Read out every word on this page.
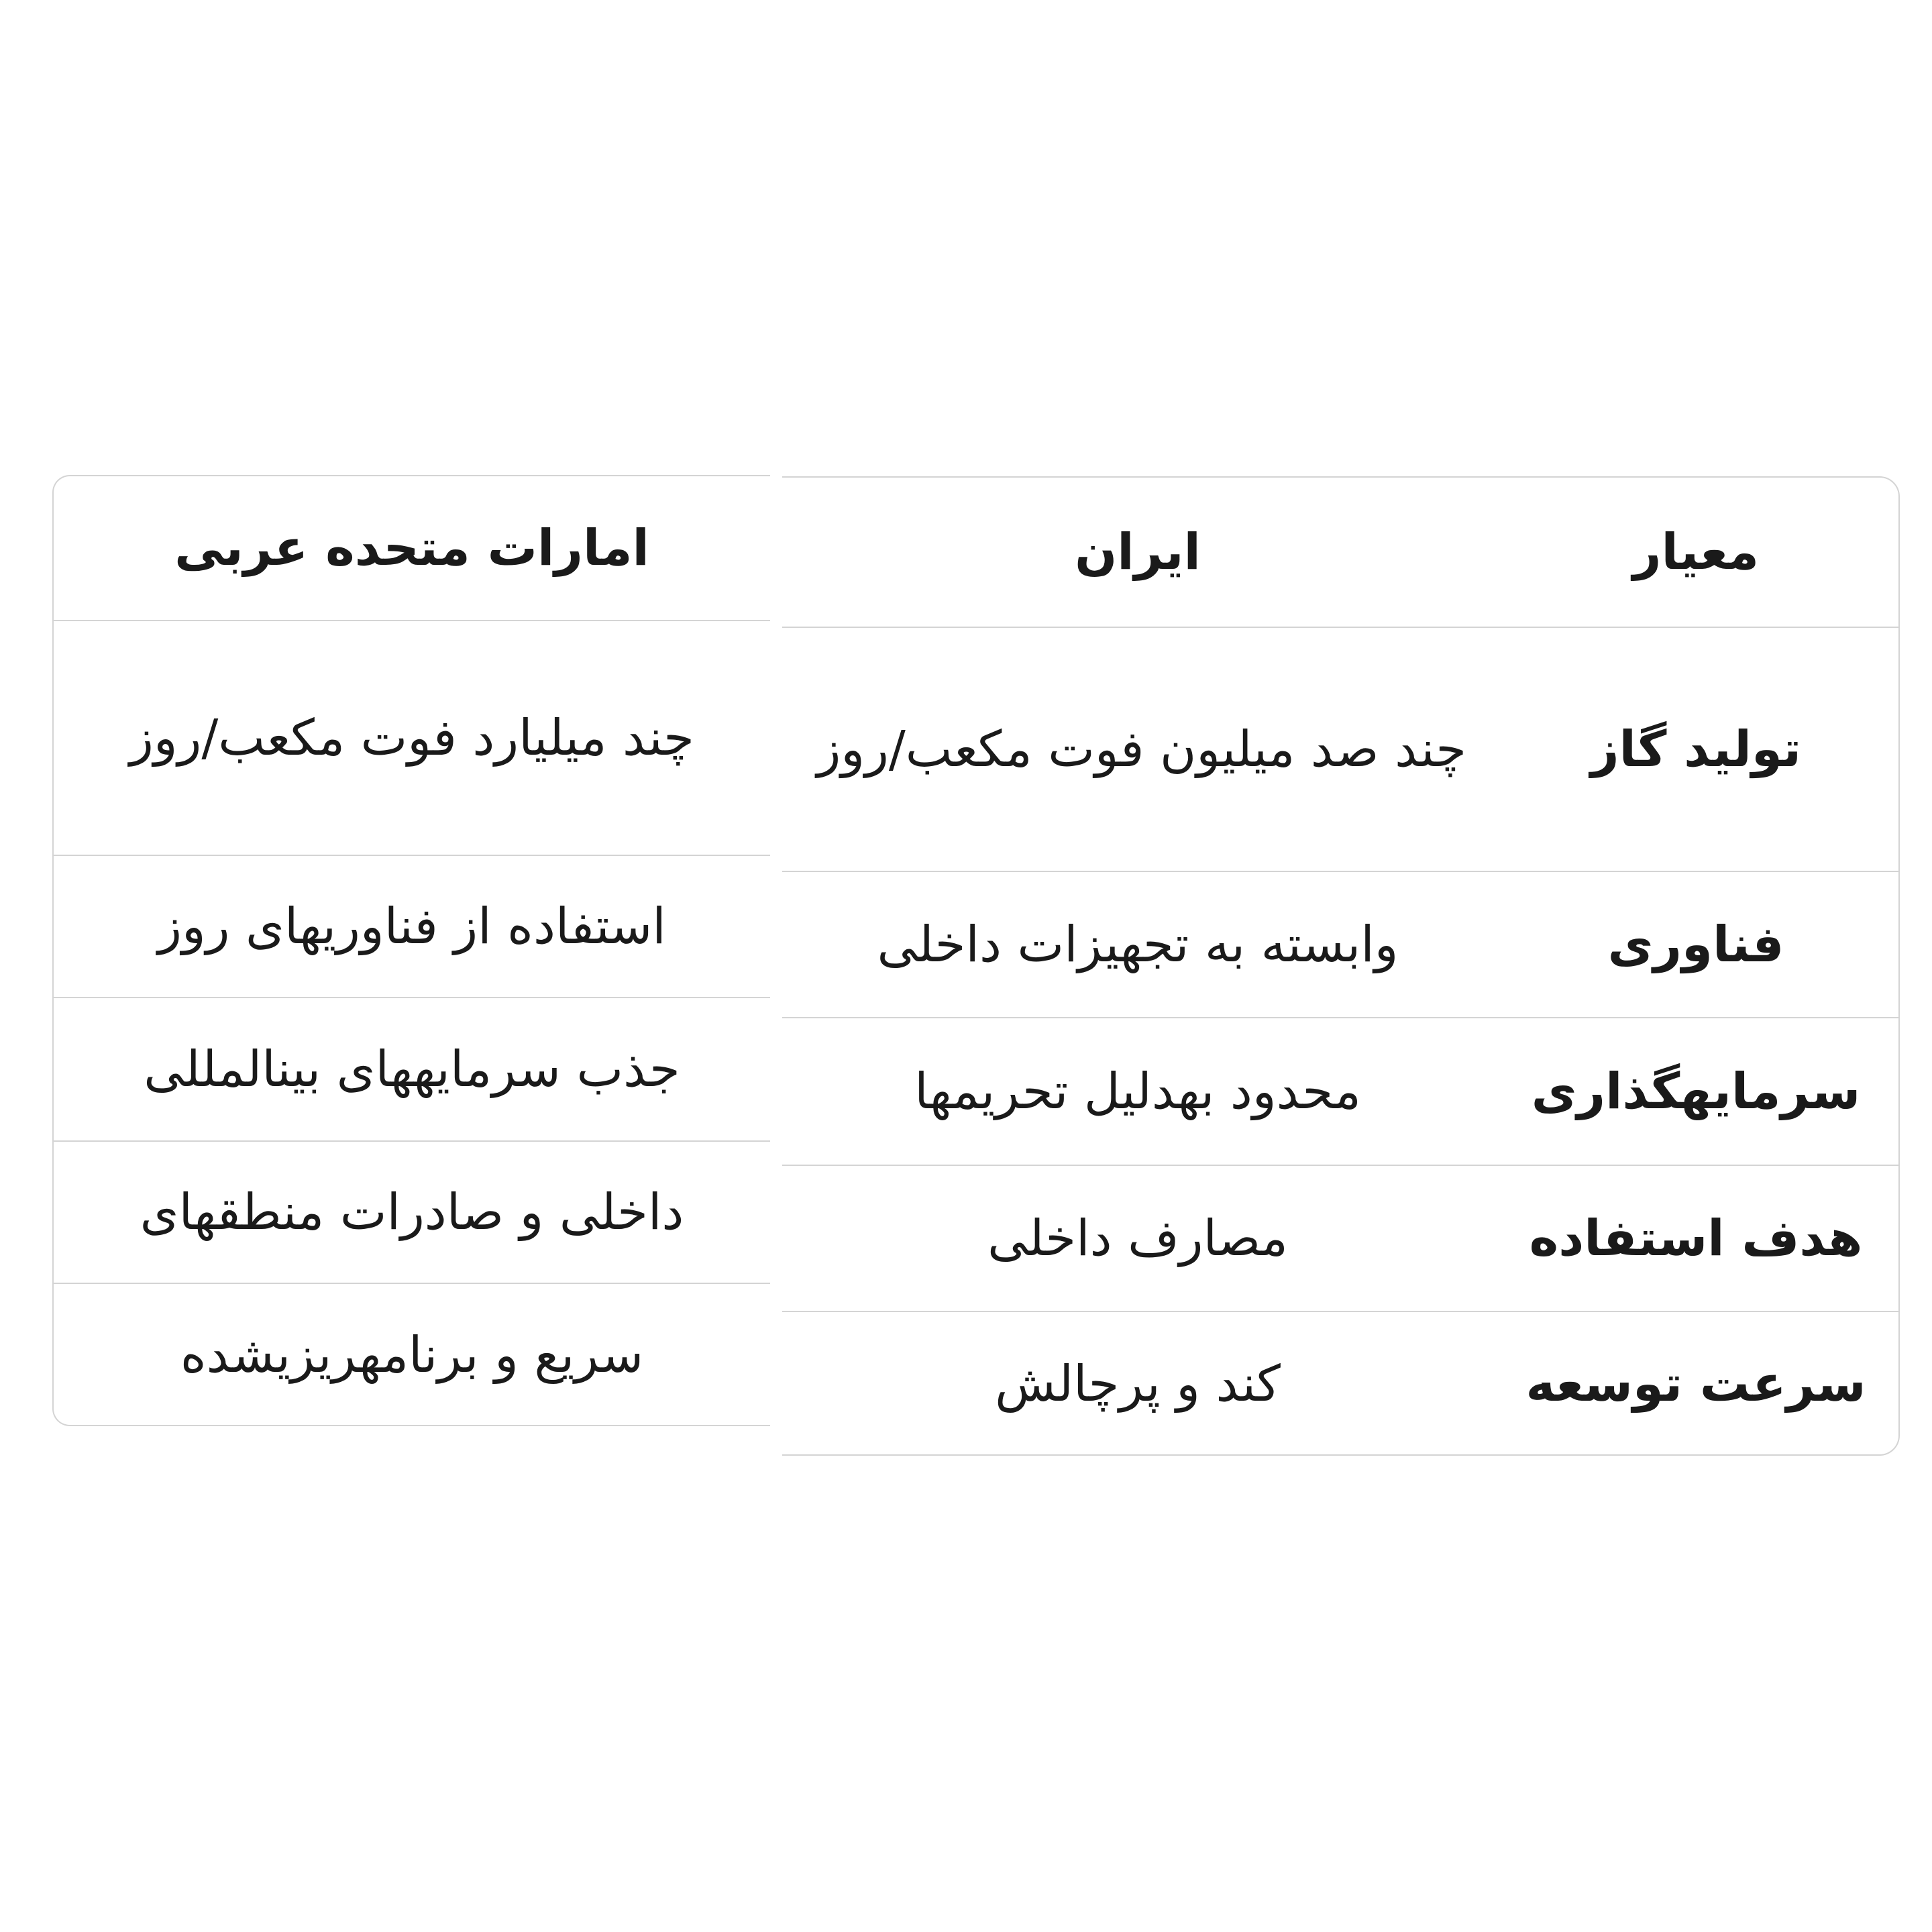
امارات متحده عربی
چند میلیارد فوت مکعب/روز
استفاده از فناوریهای روز
جذب سرمایههای بینالمللی
داخلی و صادرات منطقهای
سریع و برنامهریزیشده
معیار
ایران
تولید گاز
چند صد میلیون فوت مکعب/روز
فناوری
وابسته به تجهیزات داخلی
سرمایهگذاری
محدود بهدلیل تحریمها
هدف استفاده
مصارف داخلی
سرعت توسعه
کند و پرچالش
